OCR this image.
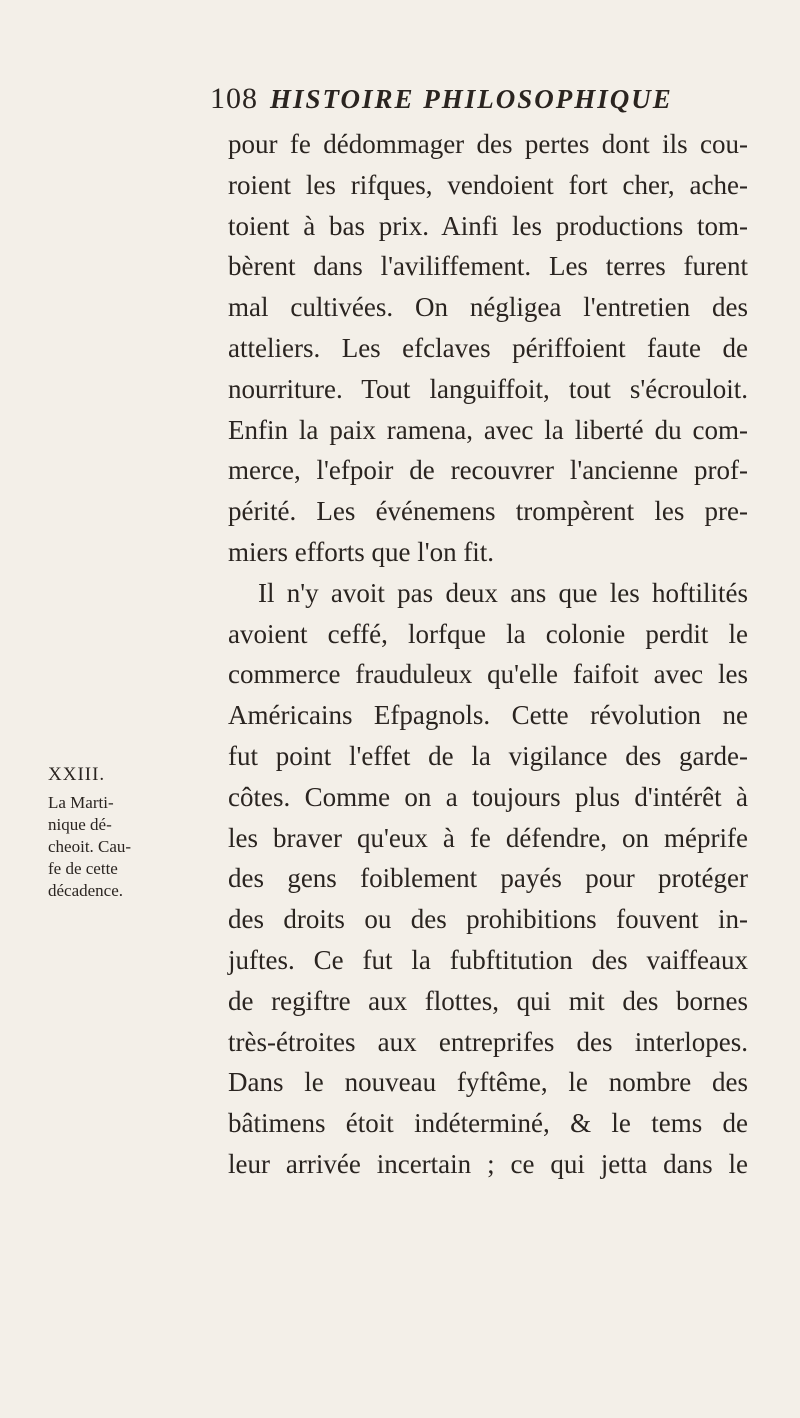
108 HISTOIRE PHILOSOPHIQUE
XXIII.
La Marti-
nique dé-
cheoit. Cau-
fe de cette
décadence.
pour fe dédommager des pertes dont ils cou-
roient les rifques, vendoient fort cher, ache-
toient à bas prix. Ainfi les productions tom-
bèrent dans l'aviliffement. Les terres furent
mal cultivées. On négligea l'entretien des
atteliers. Les efclaves périffoient faute de
nourriture. Tout languiffoit, tout s'écrouloit.
Enfin la paix ramena, avec la liberté du com-
merce, l'efpoir de recouvrer l'ancienne prof-
périté. Les événemens trompèrent les pre-
miers efforts que l'on fit.
Il n'y avoit pas deux ans que les hoftilités
avoient ceffé, lorfque la colonie perdit le
commerce frauduleux qu'elle faifoit avec les
Américains Efpagnols. Cette révolution ne
fut point l'effet de la vigilance des garde-
côtes. Comme on a toujours plus d'intérêt à
les braver qu'eux à fe défendre, on méprife
des gens foiblement payés pour protéger
des droits ou des prohibitions fouvent in-
juftes. Ce fut la fubftitution des vaiffeaux
de regiftre aux flottes, qui mit des bornes
très-étroites aux entreprifes des interlopes.
Dans le nouveau fyftême, le nombre des
bâtimens étoit indéterminé, & le tems de
leur arrivée incertain ; ce qui jetta dans le
